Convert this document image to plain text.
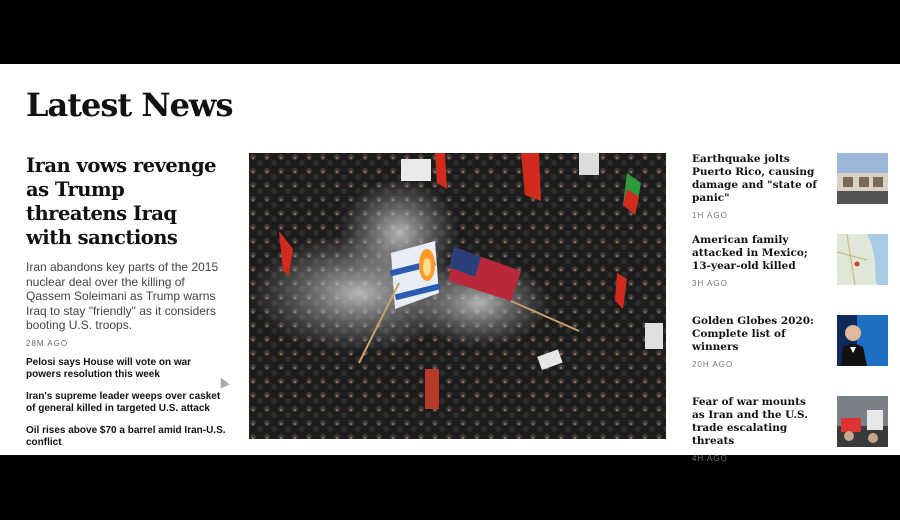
Latest News
Iran vows revenge as Trump threatens Iraq with sanctions

Iran abandons key parts of the 2015 nuclear deal over the killing of Qassem Soleimani as Trump warns Iraq to stay "friendly" as it considers booting U.S. troops.

28M AGO
Pelosi says House will vote on war powers resolution this week
Iran's supreme leader weeps over casket of general killed in targeted U.S. attack
Oil rises above $70 a barrel amid Iran-U.S. conflict
Earthquake jolts Puerto Rico, causing damage and "state of panic"
1H AGO
American family attacked in Mexico; 13-year-old killed
3H AGO
Golden Globes 2020: Complete list of winners
20H AGO
Fear of war mounts as Iran and the U.S. trade escalating threats
4H AGO
